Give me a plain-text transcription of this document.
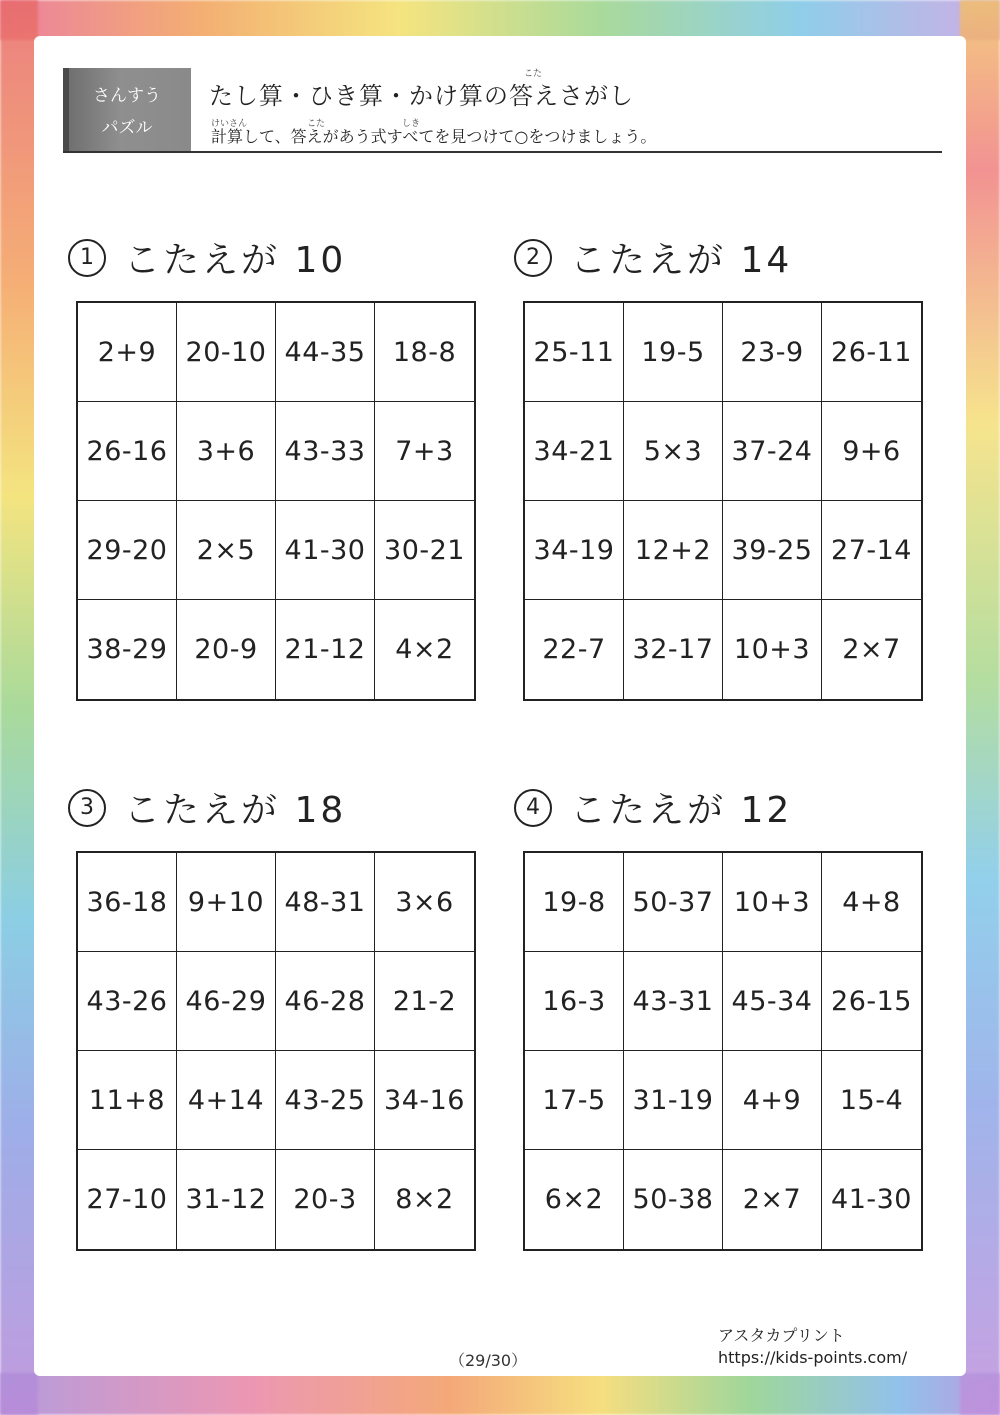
さんすう
パズル
こた
たし算・ひき算・かけ算の答えさがし
けいさん	こた	しき
計算して、答えがあう式すべてを見つけて○をつけましょう。
1 こたえが 10
2+9	20-10 44-35	18-8
26-16	3+6	43-33	7+3
29-20	2×5	41-30 30-21
38-29 20-9 21-12	4×2
2 こたえが 14
25-11 19-5	23-9	26-11
34-21	5×3	37-24	9+6
34-19 12+2 39-25 27-14
22-7 32-17 10+3	2×7
3 こたえが 18
36-18 9+10 48-31	3×6
43-26 46-29 46-28	21-2
11+8 4+14 43-25 34-16
27-10 31-12 20-3	8×2
4 こたえが 12
19-8 50-37 10+3	4+8
16-3 43-31 45-34 26-15
17-5 31-19	4+9	15-4
6×2	50-38	2×7	41-30
（29/30）
アスタカプリント
https://kids-points.com/
